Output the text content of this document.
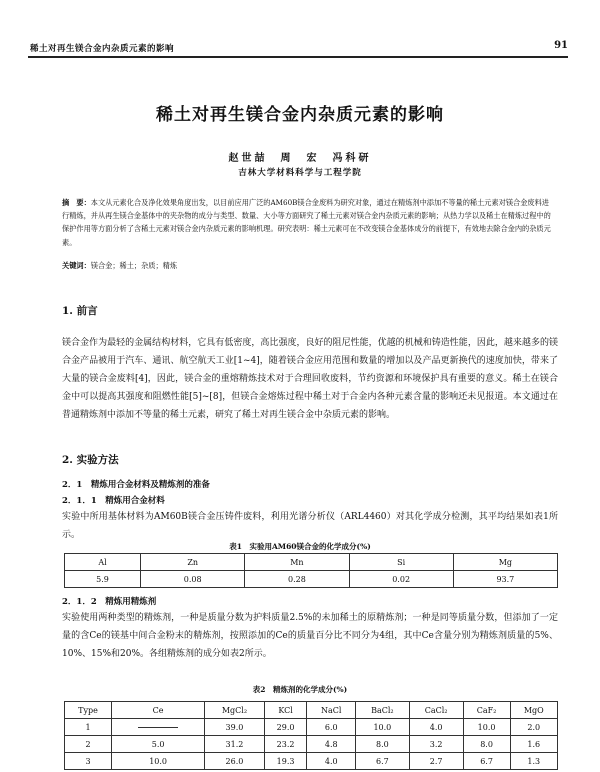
稀土对再生镁合金内杂质元素的影响	91
稀土对再生镁合金内杂质元素的影响
赵世喆　周　宏　冯科研
吉林大学材料科学与工程学院
摘　要：本文从元素化合及净化效果角度出发，以目前应用广泛的AM60B镁合金废料为研究对象，通过在精炼剂中添加不等量的稀土元素对镁合金废料进行精炼，并从再生镁合金基体中的夹杂物的成分与类型、数量、大小等方面研究了稀土元素对镁合金内杂质元素的影响；从热力学以及稀土在精炼过程中的保护作用等方面分析了含稀土元素对镁合金内杂质元素的影响机理。研究表明：稀土元素可在不改变镁合金基体成分的前提下，有效地去除合金内的杂质元素。
关键词：镁合金；稀土；杂质；精炼
1. 前言
镁合金作为最轻的金属结构材料，它具有低密度，高比强度，良好的阻尼性能，优越的机械和铸造性能，因此，越来越多的镁合金产品被用于汽车、通讯、航空航天工业[1~4]，随着镁合金应用范围和数量的增加以及产品更新换代的速度加快，带来了大量的镁合金废料[4]，因此，镁合金的重熔精炼技术对于合理回收废料，节约资源和环境保护具有重要的意义。稀土在镁合金中可以提高其强度和阻燃性能[5]~[8]，但镁合金熔炼过程中稀土对于合金内各种元素含量的影响还未见报道。本文通过在普通精炼剂中添加不等量的稀土元素，研究了稀土对再生镁合金中杂质元素的影响。
2. 实验方法
2．1　精炼用合金材料及精炼剂的准备
2．1．1　精炼用合金材料
实验中所用基体材料为AM60B镁合金压铸件废料，利用光谱分析仪（ARL4460）对其化学成分检测，其平均结果如表1所示。
表1　实验用AM60镁合金的化学成分(%)
Al	Zn	Mn	Si	Mg
5.9	0.08	0.28	0.02	93.7
2．1．2　精炼用精炼剂
实验使用两种类型的精炼剂，一种是质量分数为护料质量2.5%的未加稀土的原精炼剂；一种是同等质量分数，但添加了一定量的含Ce的镁基中间合金粉末的精炼剂，按照添加的Ce的质量百分比不同分为4组，其中Ce含量分别为精炼剂质量的5%、10%、15%和20%。各组精炼剂的成分如表2所示。
表2　精炼剂的化学成分(%)
Type	Ce	MgCl₂	KCl	NaCl	BaCl₂	CaCl₂	CaF₂	MgO
1		39.0	29.0	6.0	10.0	4.0	10.0	2.0
2	5.0	31.2	23.2	4.8	8.0	3.2	8.0	1.6
3	10.0	26.0	19.3	4.0	6.7	2.7	6.7	1.3
